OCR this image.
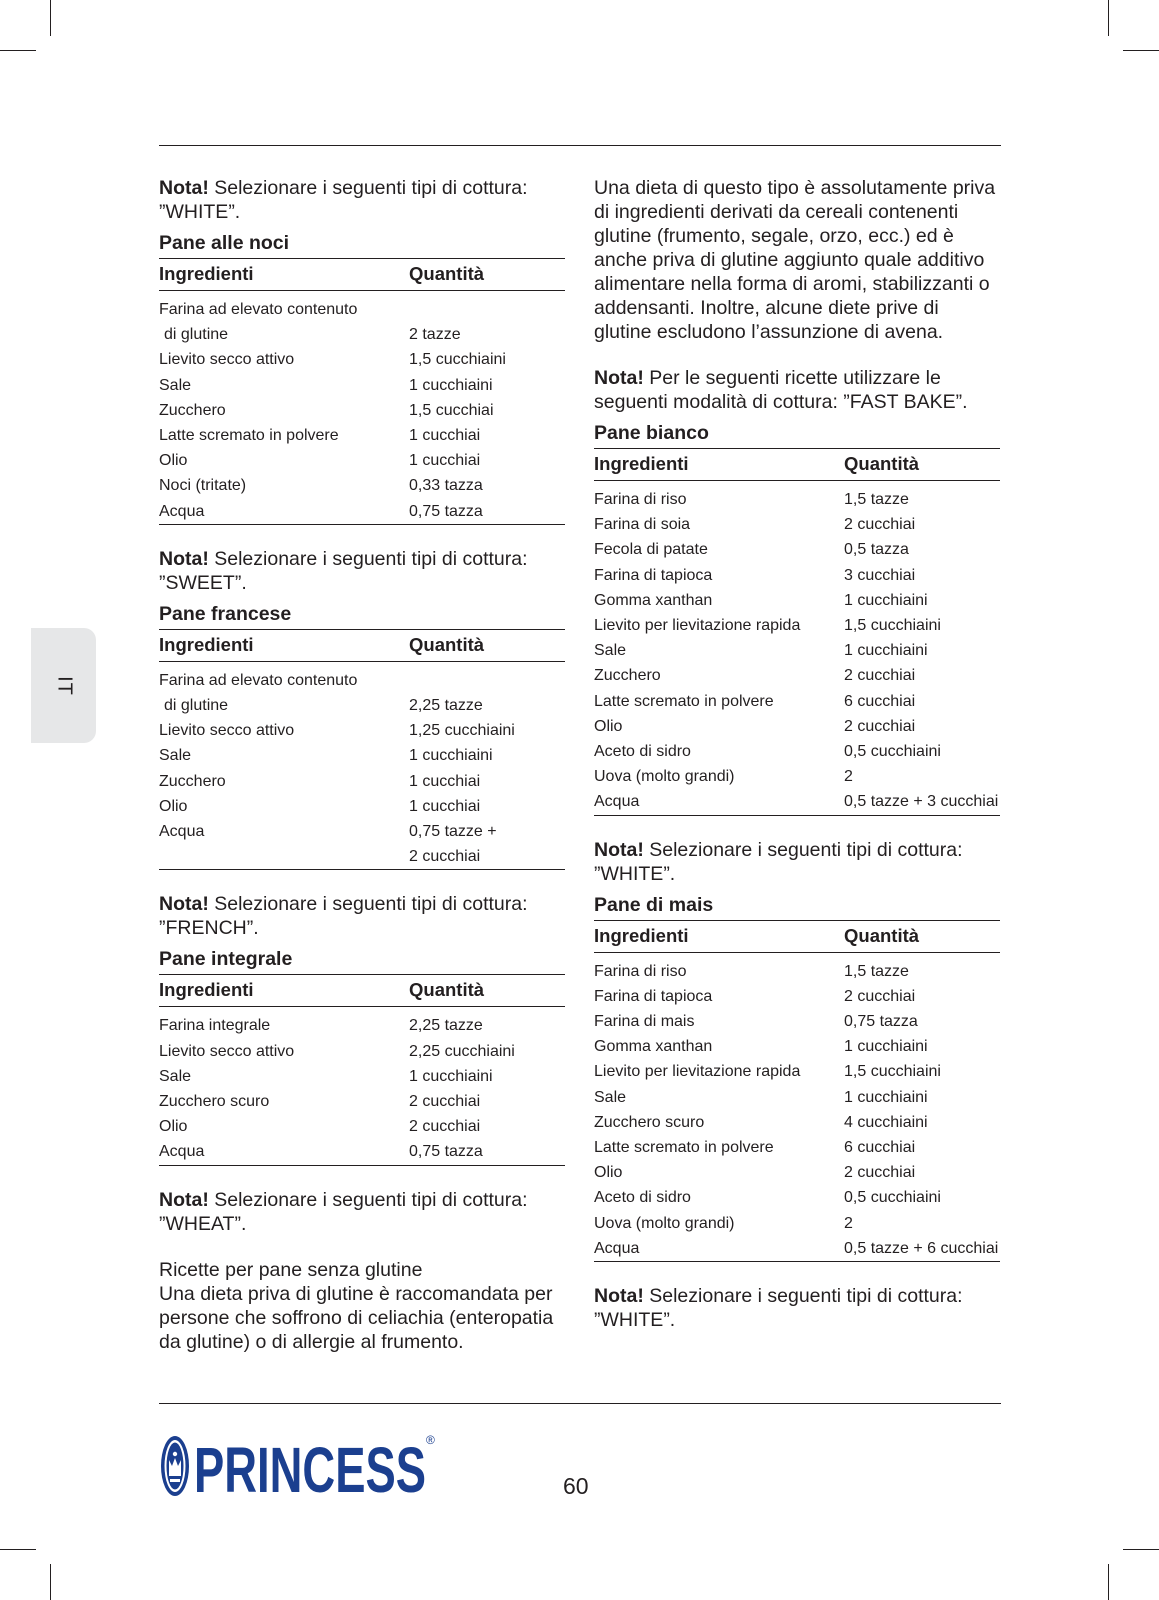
IT

Nota! Selezionare i seguenti tipi di cottura: ”WHITE”.

Pane alle noci
Ingredienti	Quantità
Farina ad elevato contenuto	
di glutine	2 tazze
Lievito secco attivo	1,5 cucchiaini
Sale	1 cucchiaini
Zucchero	1,5 cucchiai
Latte scremato in polvere	1 cucchiai
Olio	1 cucchiai
Noci (tritate)	0,33 tazza
Acqua	0,75 tazza

Nota! Selezionare i seguenti tipi di cottura: ”SWEET”.

Pane francese
Ingredienti	Quantità
Farina ad elevato contenuto	
di glutine	2,25 tazze
Lievito secco attivo	1,25 cucchiaini
Sale	1 cucchiaini
Zucchero	1 cucchiai
Olio	1 cucchiai
Acqua	0,75 tazze +
	2 cucchiai

Nota! Selezionare i seguenti tipi di cottura: ”FRENCH”.

Pane integrale
Ingredienti	Quantità
Farina integrale	2,25 tazze
Lievito secco attivo	2,25 cucchiaini
Sale	1 cucchiaini
Zucchero scuro	2 cucchiai
Olio	2 cucchiai
Acqua	0,75 tazza

Nota! Selezionare i seguenti tipi di cottura: ”WHEAT”.

Ricette per pane senza glutine

Una dieta priva di glutine è raccomandata per persone che soffrono di celiachia (enteropatia da glutine) o di allergie al frumento.

Una dieta di questo tipo è assolutamente priva di ingredienti derivati da cereali contenenti glutine (frumento, segale, orzo, ecc.) ed è anche priva di glutine aggiunto quale additivo alimentare nella forma di aromi, stabilizzanti o addensanti. Inoltre, alcune diete prive di glutine escludono l’assunzione di avena.

Nota! Per le seguenti ricette utilizzare le seguenti modalità di cottura: ”FAST BAKE”.

Pane bianco
Ingredienti	Quantità
Farina di riso	1,5 tazze
Farina di soia	2 cucchiai
Fecola di patate	0,5 tazza
Farina di tapioca	3 cucchiai
Gomma xanthan	1 cucchiaini
Lievito per lievitazione rapida	1,5 cucchiaini
Sale	1 cucchiaini
Zucchero	2 cucchiai
Latte scremato in polvere	6 cucchiai
Olio	2 cucchiai
Aceto di sidro	0,5 cucchiaini
Uova (molto grandi)	2
Acqua	0,5 tazze + 3 cucchiai

Nota! Selezionare i seguenti tipi di cottura: ”WHITE”.

Pane di mais
Ingredienti	Quantità
Farina di riso	1,5 tazze
Farina di tapioca	2 cucchiai
Farina di mais	0,75 tazza
Gomma xanthan	1 cucchiaini
Lievito per lievitazione rapida	1,5 cucchiaini
Sale	1 cucchiaini
Zucchero scuro	4 cucchiaini
Latte scremato in polvere	6 cucchiai
Olio	2 cucchiai
Aceto di sidro	0,5 cucchiaini
Uova (molto grandi)	2
Acqua	0,5 tazze + 6 cucchiai

Nota! Selezionare i seguenti tipi di cottura: ”WHITE”.

PRINCESS ®
60
